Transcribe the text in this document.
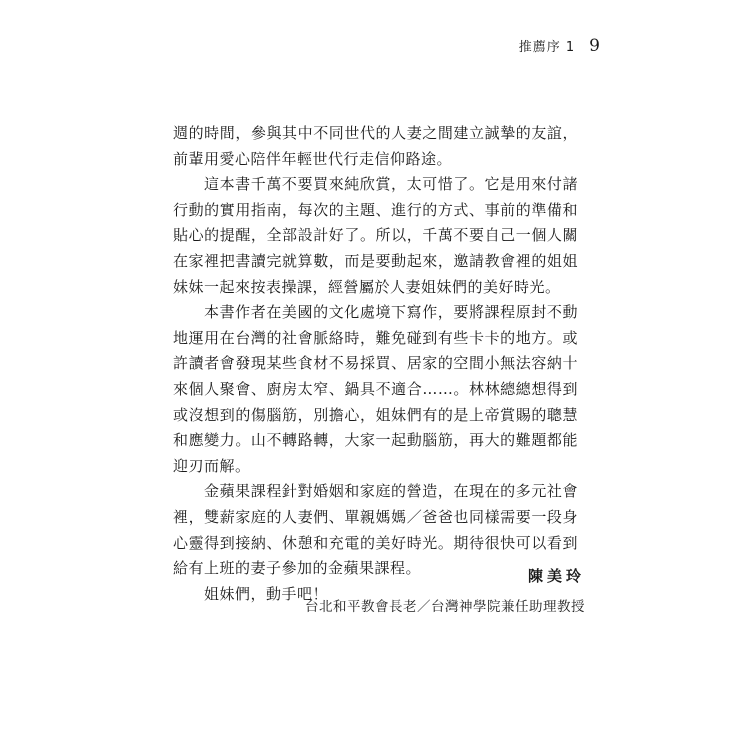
推薦序 1 9

週的時間，參與其中不同世代的人妻之間建立誠摯的友誼，前輩用愛心陪伴年輕世代行走信仰路途。

這本書千萬不要買來純欣賞，太可惜了。它是用來付諸行動的實用指南，每次的主題、進行的方式、事前的準備和貼心的提醒，全部設計好了。所以，千萬不要自己一個人關在家裡把書讀完就算數，而是要動起來，邀請教會裡的姐姐妹妹一起來按表操課，經營屬於人妻姐妹們的美好時光。

本書作者在美國的文化處境下寫作，要將課程原封不動地運用在台灣的社會脈絡時，難免碰到有些卡卡的地方。或許讀者會發現某些食材不易採買、居家的空間小無法容納十來個人聚會、廚房太窄、鍋具不適合……。林林總總想得到或沒想到的傷腦筋，別擔心，姐妹們有的是上帝賞賜的聰慧和應變力。山不轉路轉，大家一起動腦筋，再大的難題都能迎刃而解。

金蘋果課程針對婚姻和家庭的營造，在現在的多元社會裡，雙薪家庭的人妻們、單親媽媽／爸爸也同樣需要一段身心靈得到接納、休憩和充電的美好時光。期待很快可以看到給有上班的妻子參加的金蘋果課程。

姐妹們，動手吧！

陳美玲
台北和平教會長老／台灣神學院兼任助理教授
